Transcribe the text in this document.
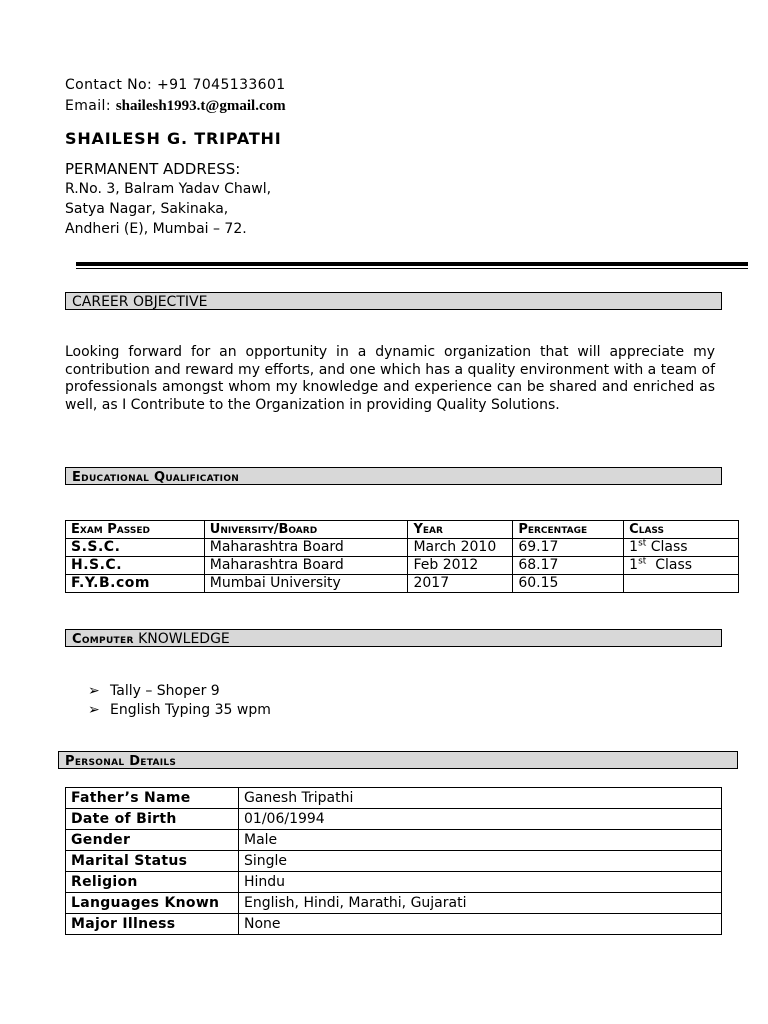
Contact No: +91 7045133601
Email: shailesh1993.t@gmail.com
SHAILESH G. TRIPATHI
PERMANENT ADDRESS:
R.No. 3, Balram Yadav Chawl,
Satya Nagar, Sakinaka,
Andheri (E), Mumbai – 72.
CAREER OBJECTIVE
Looking forward for an opportunity in a dynamic organization that will appreciate my contribution and reward my efforts, and one which has a quality environment with a team of professionals amongst whom my knowledge and experience can be shared and enriched as well, as I Contribute to the Organization in providing Quality Solutions.
Educational Qualification
Exam Passed	University/Board	Year	Percentage	Class
S.S.C.	Maharashtra Board	March 2010	69.17	1st Class
H.S.C.	Maharashtra Board	Feb 2012	68.17	1st Class
F.Y.B.com	Mumbai University	2017	60.15	
Computer KNOWLEDGE
➢ Tally – Shoper 9
➢ English Typing 35 wpm
Personal Details
Father’s Name	Ganesh Tripathi
Date of Birth	01/06/1994
Gender	Male
Marital Status	Single
Religion	Hindu
Languages Known	English, Hindi, Marathi, Gujarati
Major Illness	None
